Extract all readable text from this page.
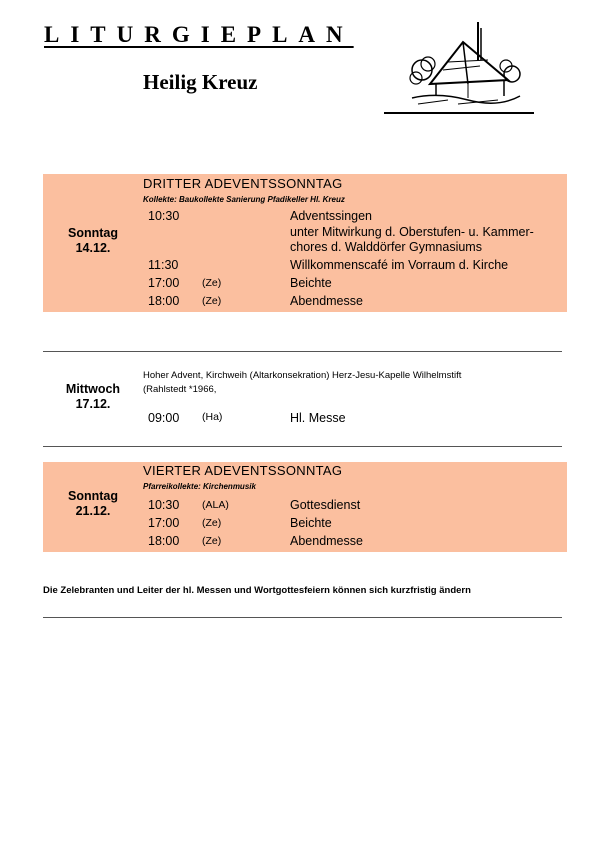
LITURGIEPLAN
Heilig Kreuz
Sonntag
14.12.
DRITTER ADEVENTSSONNTAG
Kollekte: Baukollekte Sanierung Pfadikeller Hl. Kreuz
10:30	Adventssingen
unter Mitwirkung d. Oberstufen- u. Kammer-
chores d. Walddörfer Gymnasiums
11:30	Willkommenscafé im Vorraum d. Kirche
17:00 (Ze)	Beichte
18:00 (Ze)	Abendmesse
Mittwoch
17.12.
Hoher Advent, Kirchweih (Altarkonsekration) Herz-Jesu-Kapelle Wilhelmstift
(Rahlstedt *1966,
09:00 (Ha)	Hl. Messe
Sonntag
21.12.
VIERTER ADEVENTSSONNTAG
Pfarreikollekte: Kirchenmusik
10:30 (ALA)	Gottesdienst
17:00 (Ze)	Beichte
18:00 (Ze)	Abendmesse
Die Zelebranten und Leiter der hl. Messen und Wortgottesfeiern können sich kurzfristig ändern
